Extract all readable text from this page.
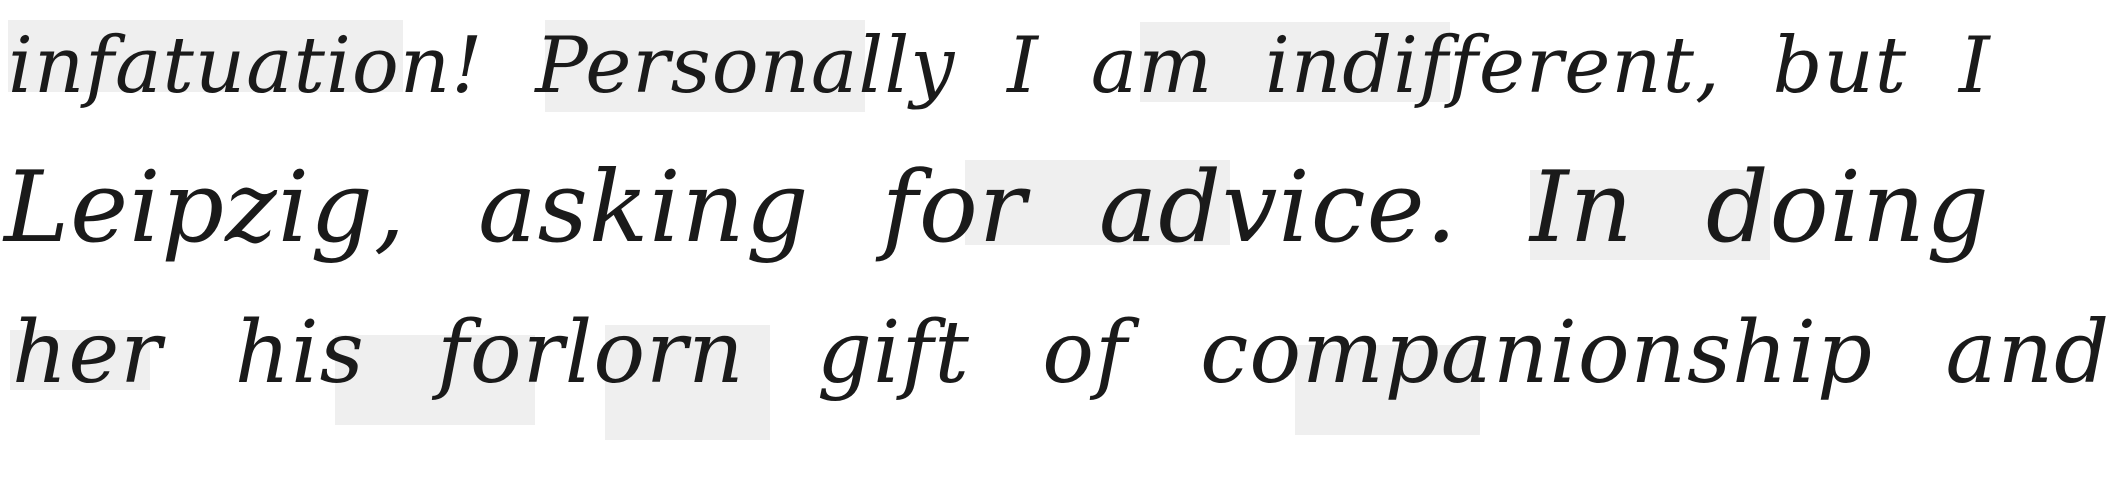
infatuation! Personally I am indifferent, but I
Leipzig, asking for advice. In doing
her his forlorn gift of companionship and
